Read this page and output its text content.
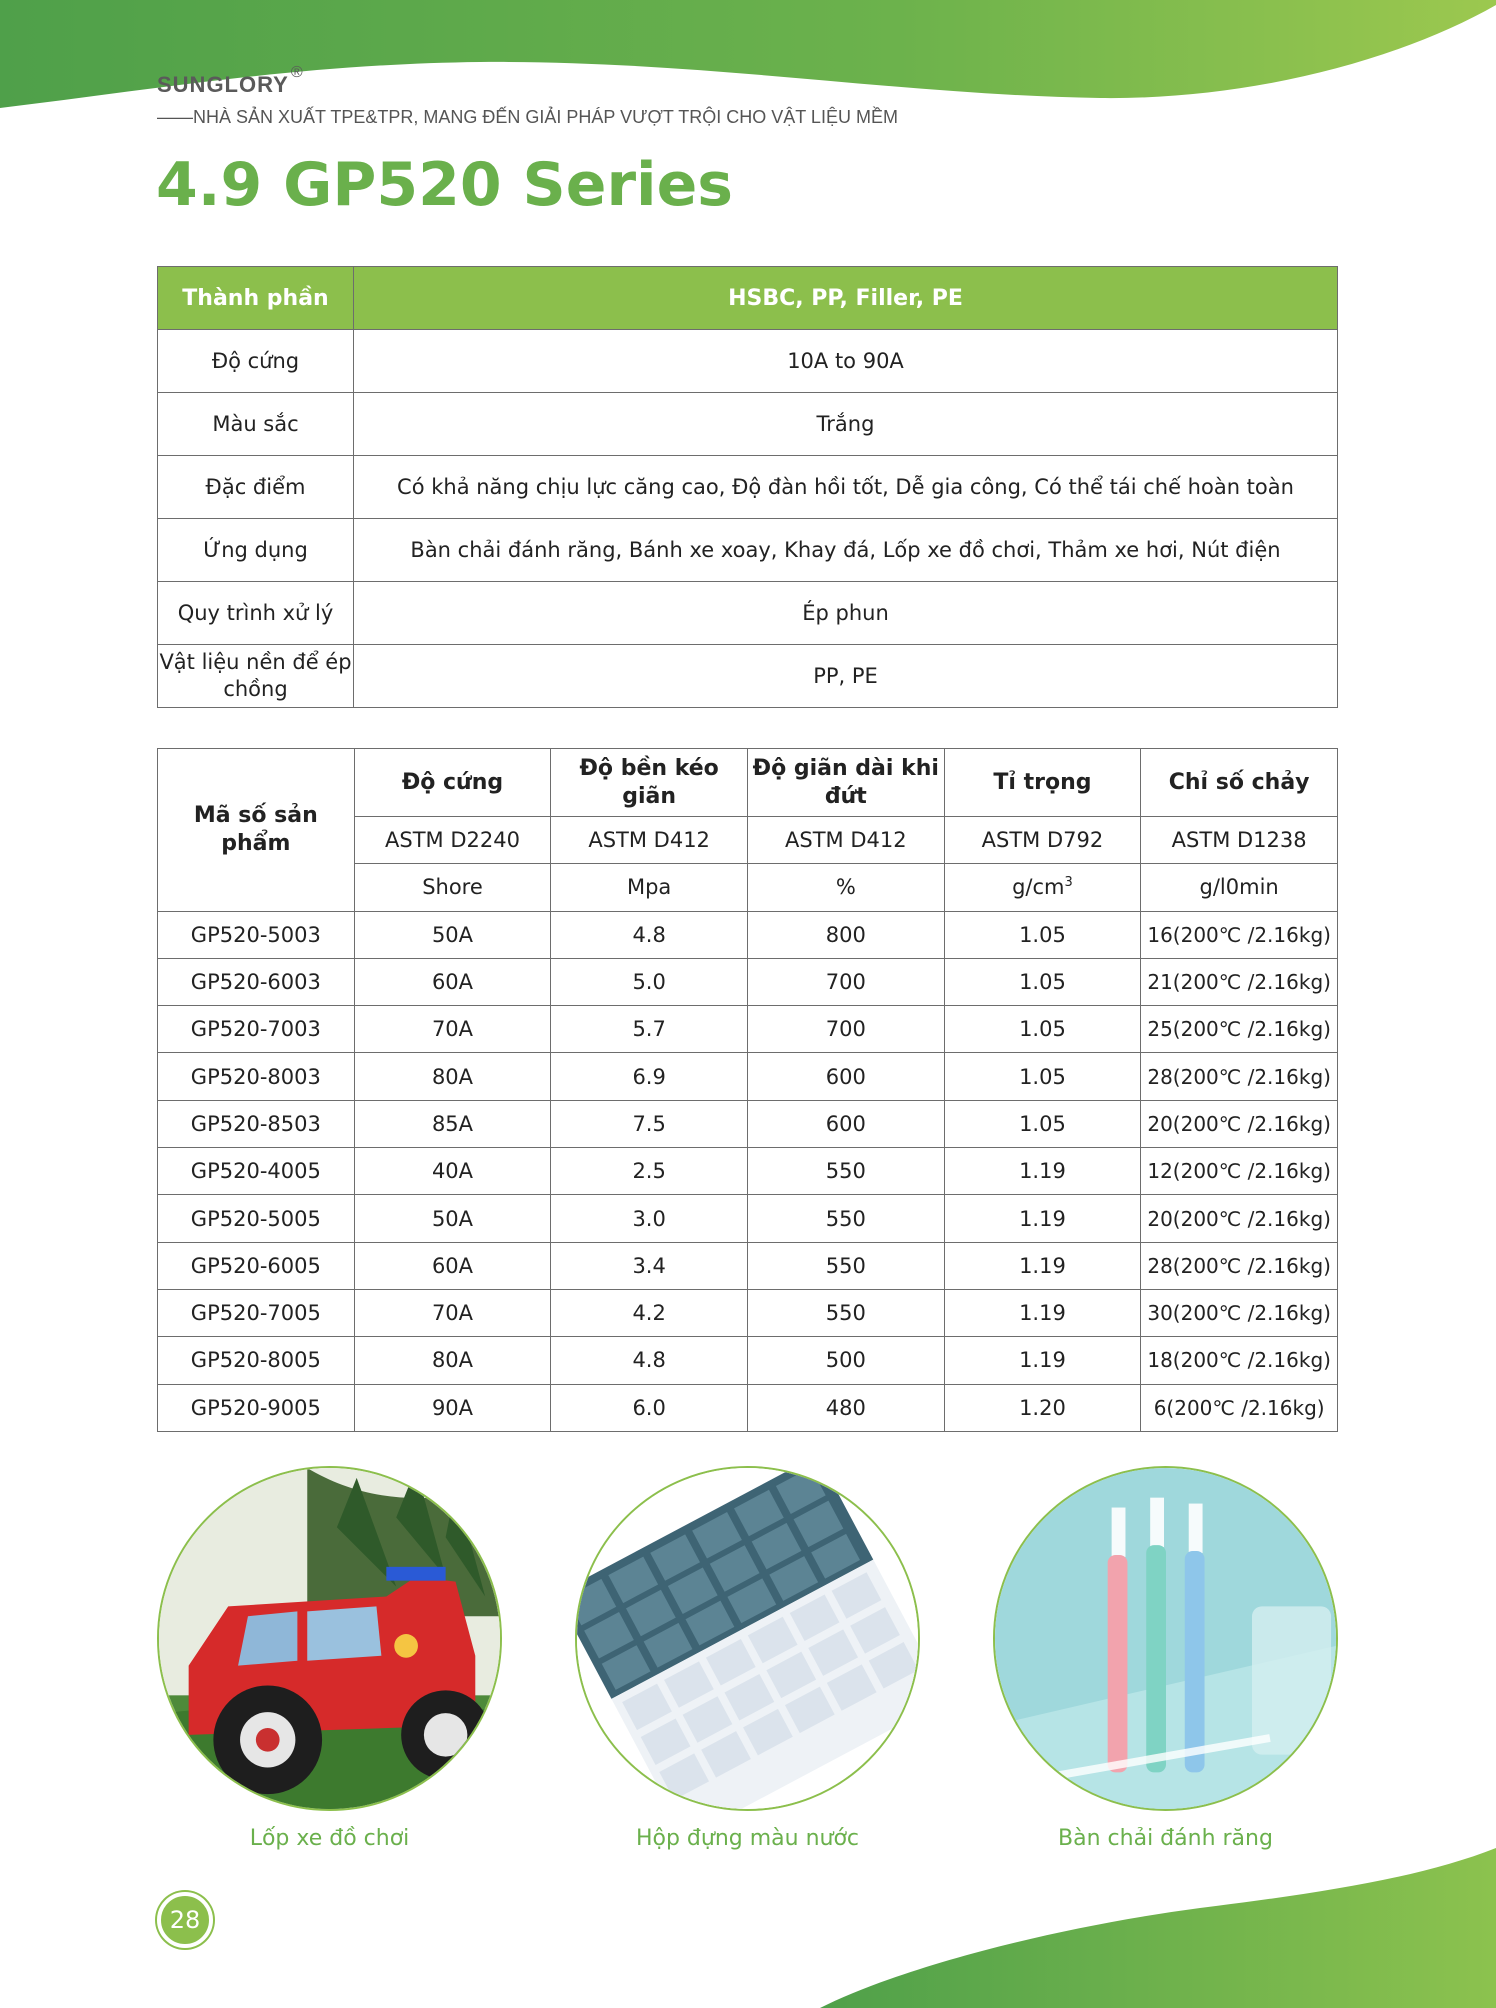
SUNGLORY ®
——NHÀ SẢN XUẤT TPE&TPR, MANG ĐẾN GIẢI PHÁP VƯỢT TRỘI CHO VẬT LIỆU MỀM
4.9 GP520 Series
Thành phần	HSBC, PP, Filler, PE
Độ cứng	10A to 90A
Màu sắc	Trắng
Đặc điểm	Có khả năng chịu lực căng cao, Độ đàn hồi tốt, Dễ gia công, Có thể tái chế hoàn toàn
Ứng dụng	Bàn chải đánh răng, Bánh xe xoay, Khay đá, Lốp xe đồ chơi, Thảm xe hơi, Nút điện
Quy trình xử lý	Ép phun
Vật liệu nền để ép chồng	PP, PE
Mã số sản phẩm	Độ cứng	Độ bền kéo giãn	Độ giãn dài khi đứt	Tỉ trọng	Chỉ số chảy
	ASTM D2240	ASTM D412	ASTM D412	ASTM D792	ASTM D1238
	Shore	Mpa	%	$g/cm^3$	g/l0min
GP520-5003	50A	4.8	800	1.05	16(200℃ /2.16kg)
GP520-6003	60A	5.0	700	1.05	21(200℃ /2.16kg)
GP520-7003	70A	5.7	700	1.05	25(200℃ /2.16kg)
GP520-8003	80A	6.9	600	1.05	28(200℃ /2.16kg)
GP520-8503	85A	7.5	600	1.05	20(200℃ /2.16kg)
GP520-4005	40A	2.5	550	1.19	12(200℃ /2.16kg)
GP520-5005	50A	3.0	550	1.19	20(200℃ /2.16kg)
GP520-6005	60A	3.4	550	1.19	28(200℃ /2.16kg)
GP520-7005	70A	4.2	550	1.19	30(200℃ /2.16kg)
GP520-8005	80A	4.8	500	1.19	18(200℃ /2.16kg)
GP520-9005	90A	6.0	480	1.20	6(200℃ /2.16kg)
Lốp xe đồ chơi	Hộp đựng màu nước	Bàn chải đánh răng
28
